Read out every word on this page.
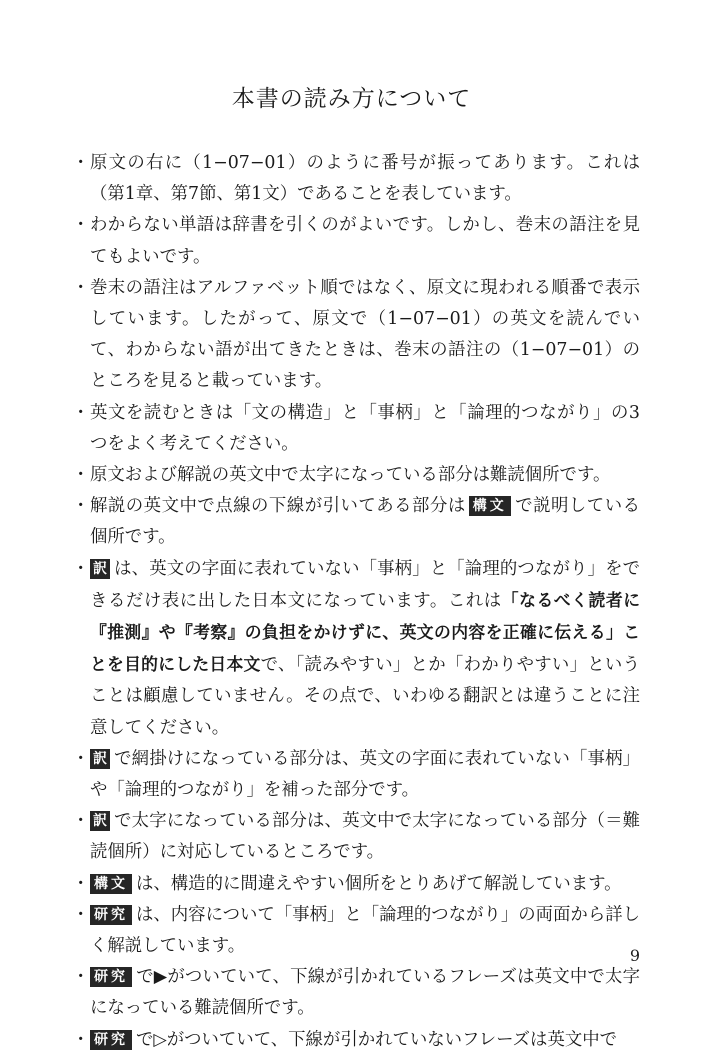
本書の読み方について
・ 原文の右に（1−07−01）のように番号が振ってあります。これは（第1章、第7節、第1文）であることを表しています。
・ わからない単語は辞書を引くのがよいです。しかし、巻末の語注を見てもよいです。
・ 巻末の語注はアルファベット順ではなく、原文に現われる順番で表示しています。したがって、原文で（1−07−01）の英文を読んでいて、わからない語が出てきたときは、巻末の語注の（1−07−01）のところを見ると載っています。
・ 英文を読むときは「文の構造」と「事柄」と「論理的つながり」の3つをよく考えてください。
・ 原文および解説の英文中で太字になっている部分は難読個所です。
・ 解説の英文中で点線の下線が引いてある部分は 構文 で説明している個所です。
・ 訳 は、英文の字面に表れていない「事柄」と「論理的つながり」をできるだけ表に出した日本文になっています。これは「なるべく読者に『推測』や『考察』の負担をかけずに、英文の内容を正確に伝える」ことを目的にした日本文で、「読みやすい」とか「わかりやすい」ということは顧慮していません。その点で、いわゆる翻訳とは違うことに注意してください。
・ 訳 で網掛けになっている部分は、英文の字面に表れていない「事柄」や「論理的つながり」を補った部分です。
・ 訳 で太字になっている部分は、英文中で太字になっている部分（＝難読個所）に対応しているところです。
・ 構文 は、構造的に間違えやすい個所をとりあげて解説しています。
・ 研究 は、内容について「事柄」と「論理的つながり」の両面から詳しく解説しています。
・ 研究 で▶がついていて、下線が引かれているフレーズは英文中で太字になっている難読個所です。
・ 研究 で▷がついていて、下線が引かれていないフレーズは英文中で
9
